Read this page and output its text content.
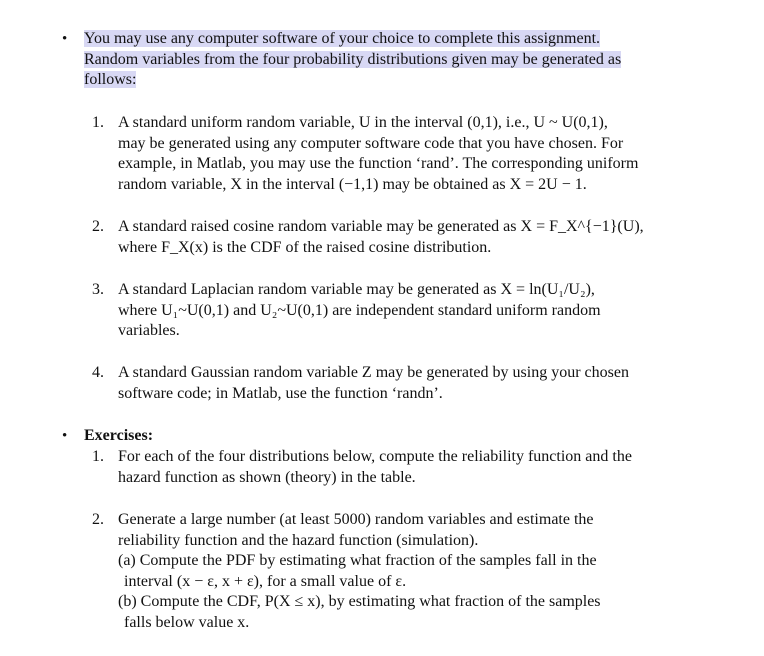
• You may use any computer software of your choice to complete this assignment.
Random variables from the four probability distributions given may be generated as
follows:
1. A standard uniform random variable, U in the interval (0,1), i.e., U ~ U(0,1),
may be generated using any computer software code that you have chosen. For
example, in Matlab, you may use the function ‘rand’. The corresponding uniform
random variable, X in the interval (−1,1) may be obtained as X = 2U − 1.
2. A standard raised cosine random variable may be generated as X = F_X^{−1}(U),
where F_X(x) is the CDF of the raised cosine distribution.
3. A standard Laplacian random variable may be generated as X = ln(U₁/U₂),
where U₁~U(0,1) and U₂~U(0,1) are independent standard uniform random
variables.
4. A standard Gaussian random variable Z may be generated by using your chosen
software code; in Matlab, use the function ‘randn’.
• Exercises:
1. For each of the four distributions below, compute the reliability function and the
hazard function as shown (theory) in the table.
2. Generate a large number (at least 5000) random variables and estimate the
reliability function and the hazard function (simulation).
(a) Compute the PDF by estimating what fraction of the samples fall in the
interval (x − ε, x + ε), for a small value of ε.
(b) Compute the CDF, P(X ≤ x), by estimating what fraction of the samples
falls below value x.
